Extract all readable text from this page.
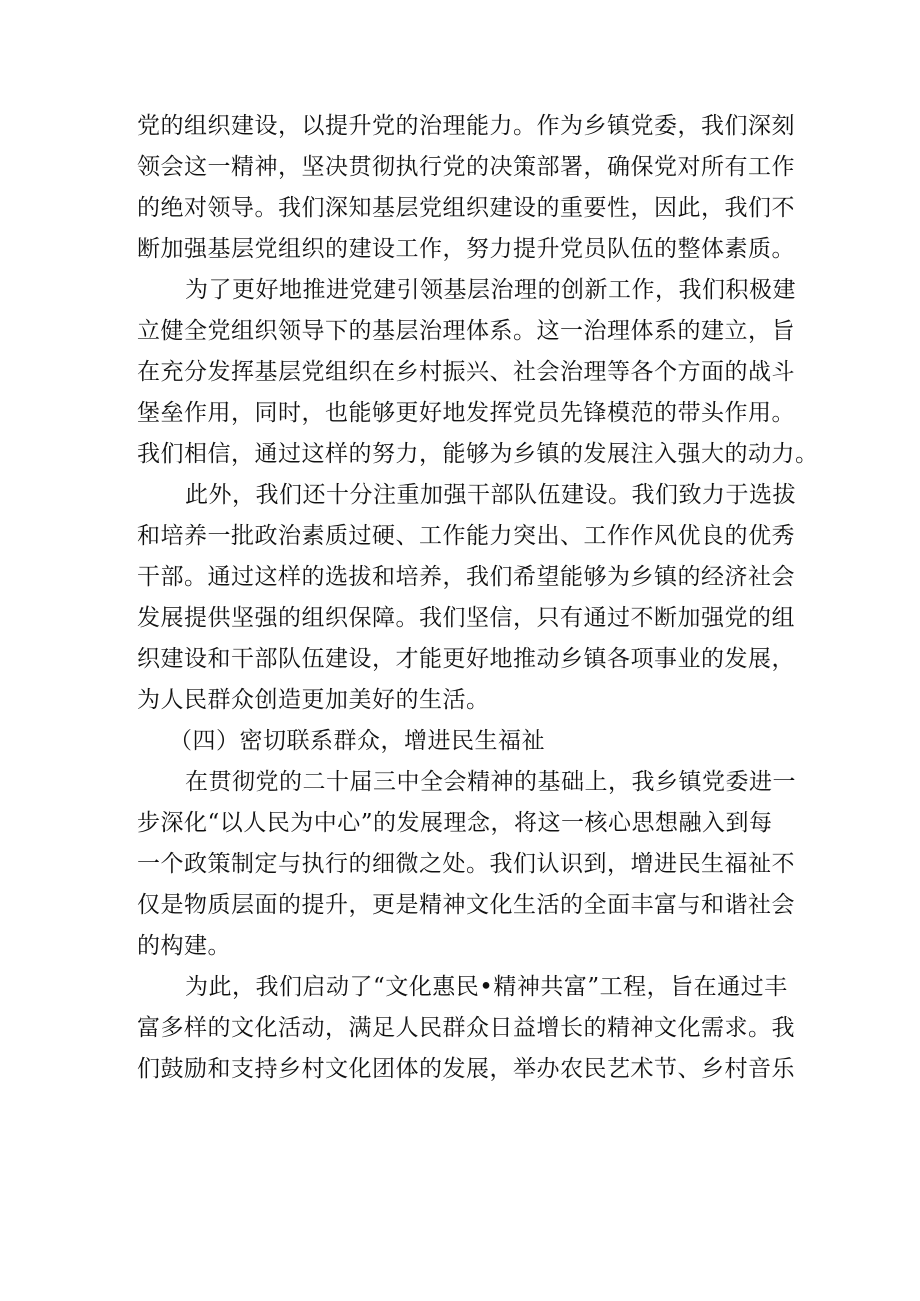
党的组织建设，以提升党的治理能力。作为乡镇党委，我们深刻
领会这一精神，坚决贯彻执行党的决策部署，确保党对所有工作
的绝对领导。我们深知基层党组织建设的重要性，因此，我们不
断加强基层党组织的建设工作，努力提升党员队伍的整体素质。
为了更好地推进党建引领基层治理的创新工作，我们积极建
立健全党组织领导下的基层治理体系。这一治理体系的建立，旨
在充分发挥基层党组织在乡村振兴、社会治理等各个方面的战斗
堡垒作用，同时，也能够更好地发挥党员先锋模范的带头作用。
我们相信，通过这样的努力，能够为乡镇的发展注入强大的动力。
此外，我们还十分注重加强干部队伍建设。我们致力于选拔
和培养一批政治素质过硬、工作能力突出、工作作风优良的优秀
干部。通过这样的选拔和培养，我们希望能够为乡镇的经济社会
发展提供坚强的组织保障。我们坚信，只有通过不断加强党的组
织建设和干部队伍建设，才能更好地推动乡镇各项事业的发展，
为人民群众创造更加美好的生活。
（四）密切联系群众，增进民生福祉
在贯彻党的二十届三中全会精神的基础上，我乡镇党委进一
步深化“以人民为中心”的发展理念，将这一核心思想融入到每
一个政策制定与执行的细微之处。我们认识到，增进民生福祉不
仅是物质层面的提升，更是精神文化生活的全面丰富与和谐社会
的构建。
为此，我们启动了“文化惠民•精神共富”工程，旨在通过丰
富多样的文化活动，满足人民群众日益增长的精神文化需求。我
们鼓励和支持乡村文化团体的发展，举办农民艺术节、乡村音乐
